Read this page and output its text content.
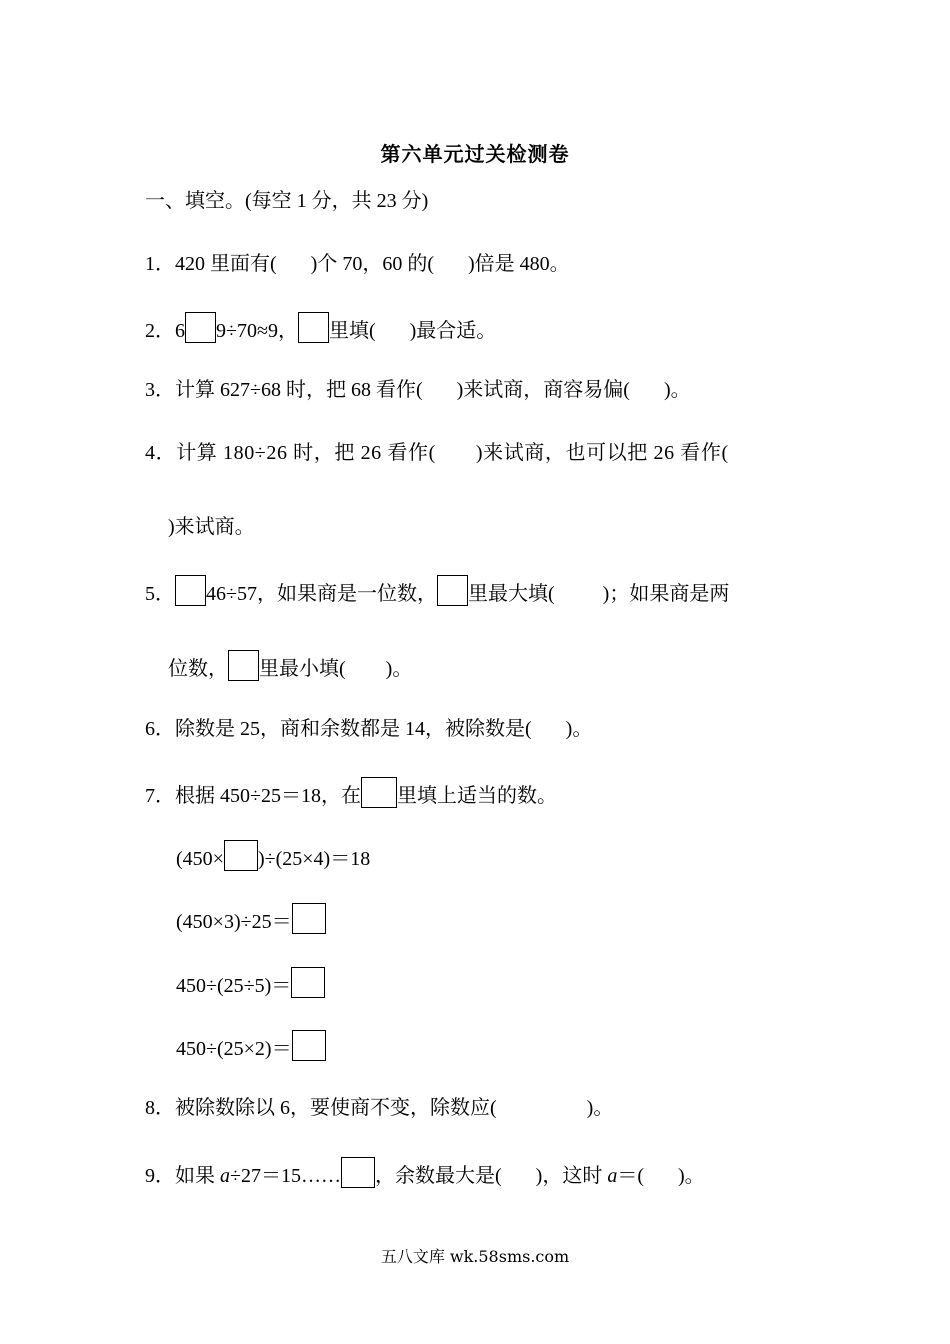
第六单元过关检测卷
一、填空。(每空 1 分，共 23 分)
1．420 里面有( )个 70，60 的( )倍是 480。
2．6 9÷70≈9， 里填( )最合适。
3．计算 627÷68 时，把 68 看作( )来试商，商容易偏( )。
4．计算 180÷26 时，把 26 看作( )来试商，也可以把 26 看作(
)来试商。
5． 46÷57，如果商是一位数， 里最大填( )；如果商是两
位数， 里最小填( )。
6．除数是 25，商和余数都是 14，被除数是( )。
7．根据 450÷25＝18，在 里填上适当的数。
(450× )÷(25×4)＝18
(450×3)÷25＝
450÷(25÷5)＝
450÷(25×2)＝
8．被除数除以 6，要使商不变，除数应(	)。
9．如果 a÷27＝15…… ，余数最大是( )，这时 a＝( )。
五八文库 wk.58sms.com
